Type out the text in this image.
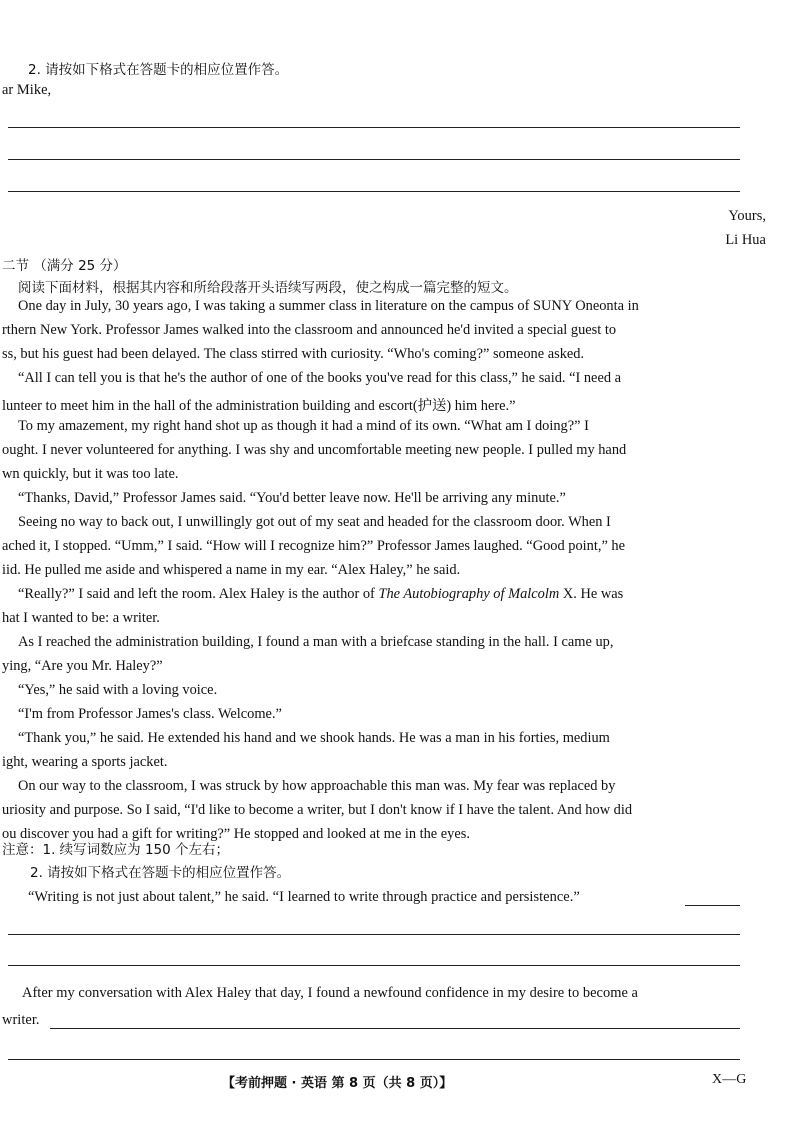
2. 请按如下格式在答题卡的相应位置作答。
ar Mike,
Yours,
Li Hua
二节 （满分 25 分）
阅读下面材料，根据其内容和所给段落开头语续写两段，使之构成一篇完整的短文。
One day in July, 30 years ago, I was taking a summer class in literature on the campus of SUNY Oneonta in
rthern New York. Professor James walked into the classroom and announced he'd invited a special guest to
ss, but his guest had been delayed. The class stirred with curiosity. “Who's coming?” someone asked.
“All I can tell you is that he's the author of one of the books you've read for this class,” he said. “I need a
lunteer to meet him in the hall of the administration building and escort(护送) him here.”
To my amazement, my right hand shot up as though it had a mind of its own. “What am I doing?” I
ought. I never volunteered for anything. I was shy and uncomfortable meeting new people. I pulled my hand
wn quickly, but it was too late.
“Thanks, David,” Professor James said. “You'd better leave now. He'll be arriving any minute.”
Seeing no way to back out, I unwillingly got out of my seat and headed for the classroom door. When I
ached it, I stopped. “Umm,” I said. “How will I recognize him?” Professor James laughed. “Good point,” he
iid. He pulled me aside and whispered a name in my ear. “Alex Haley,” he said.
“Really?” I said and left the room. Alex Haley is the author of The Autobiography of Malcolm X. He was
hat I wanted to be: a writer.
As I reached the administration building, I found a man with a briefcase standing in the hall. I came up,
ying, “Are you Mr. Haley?”
“Yes,” he said with a loving voice.
“I'm from Professor James's class. Welcome.”
“Thank you,” he said. He extended his hand and we shook hands. He was a man in his forties, medium
ight, wearing a sports jacket.
On our way to the classroom, I was struck by how approachable this man was. My fear was replaced by
uriosity and purpose. So I said, “I'd like to become a writer, but I don't know if I have the talent. And how did
ou discover you had a gift for writing?” He stopped and looked at me in the eyes.
注意：1. 续写词数应为 150 个左右；
2. 请按如下格式在答题卡的相应位置作答。
“Writing is not just about talent,” he said. “I learned to write through practice and persistence.”
After my conversation with Alex Haley that day, I found a newfound confidence in my desire to become a
writer.
【考前押题 · 英语 第 8 页（共 8 页）】	X—G
